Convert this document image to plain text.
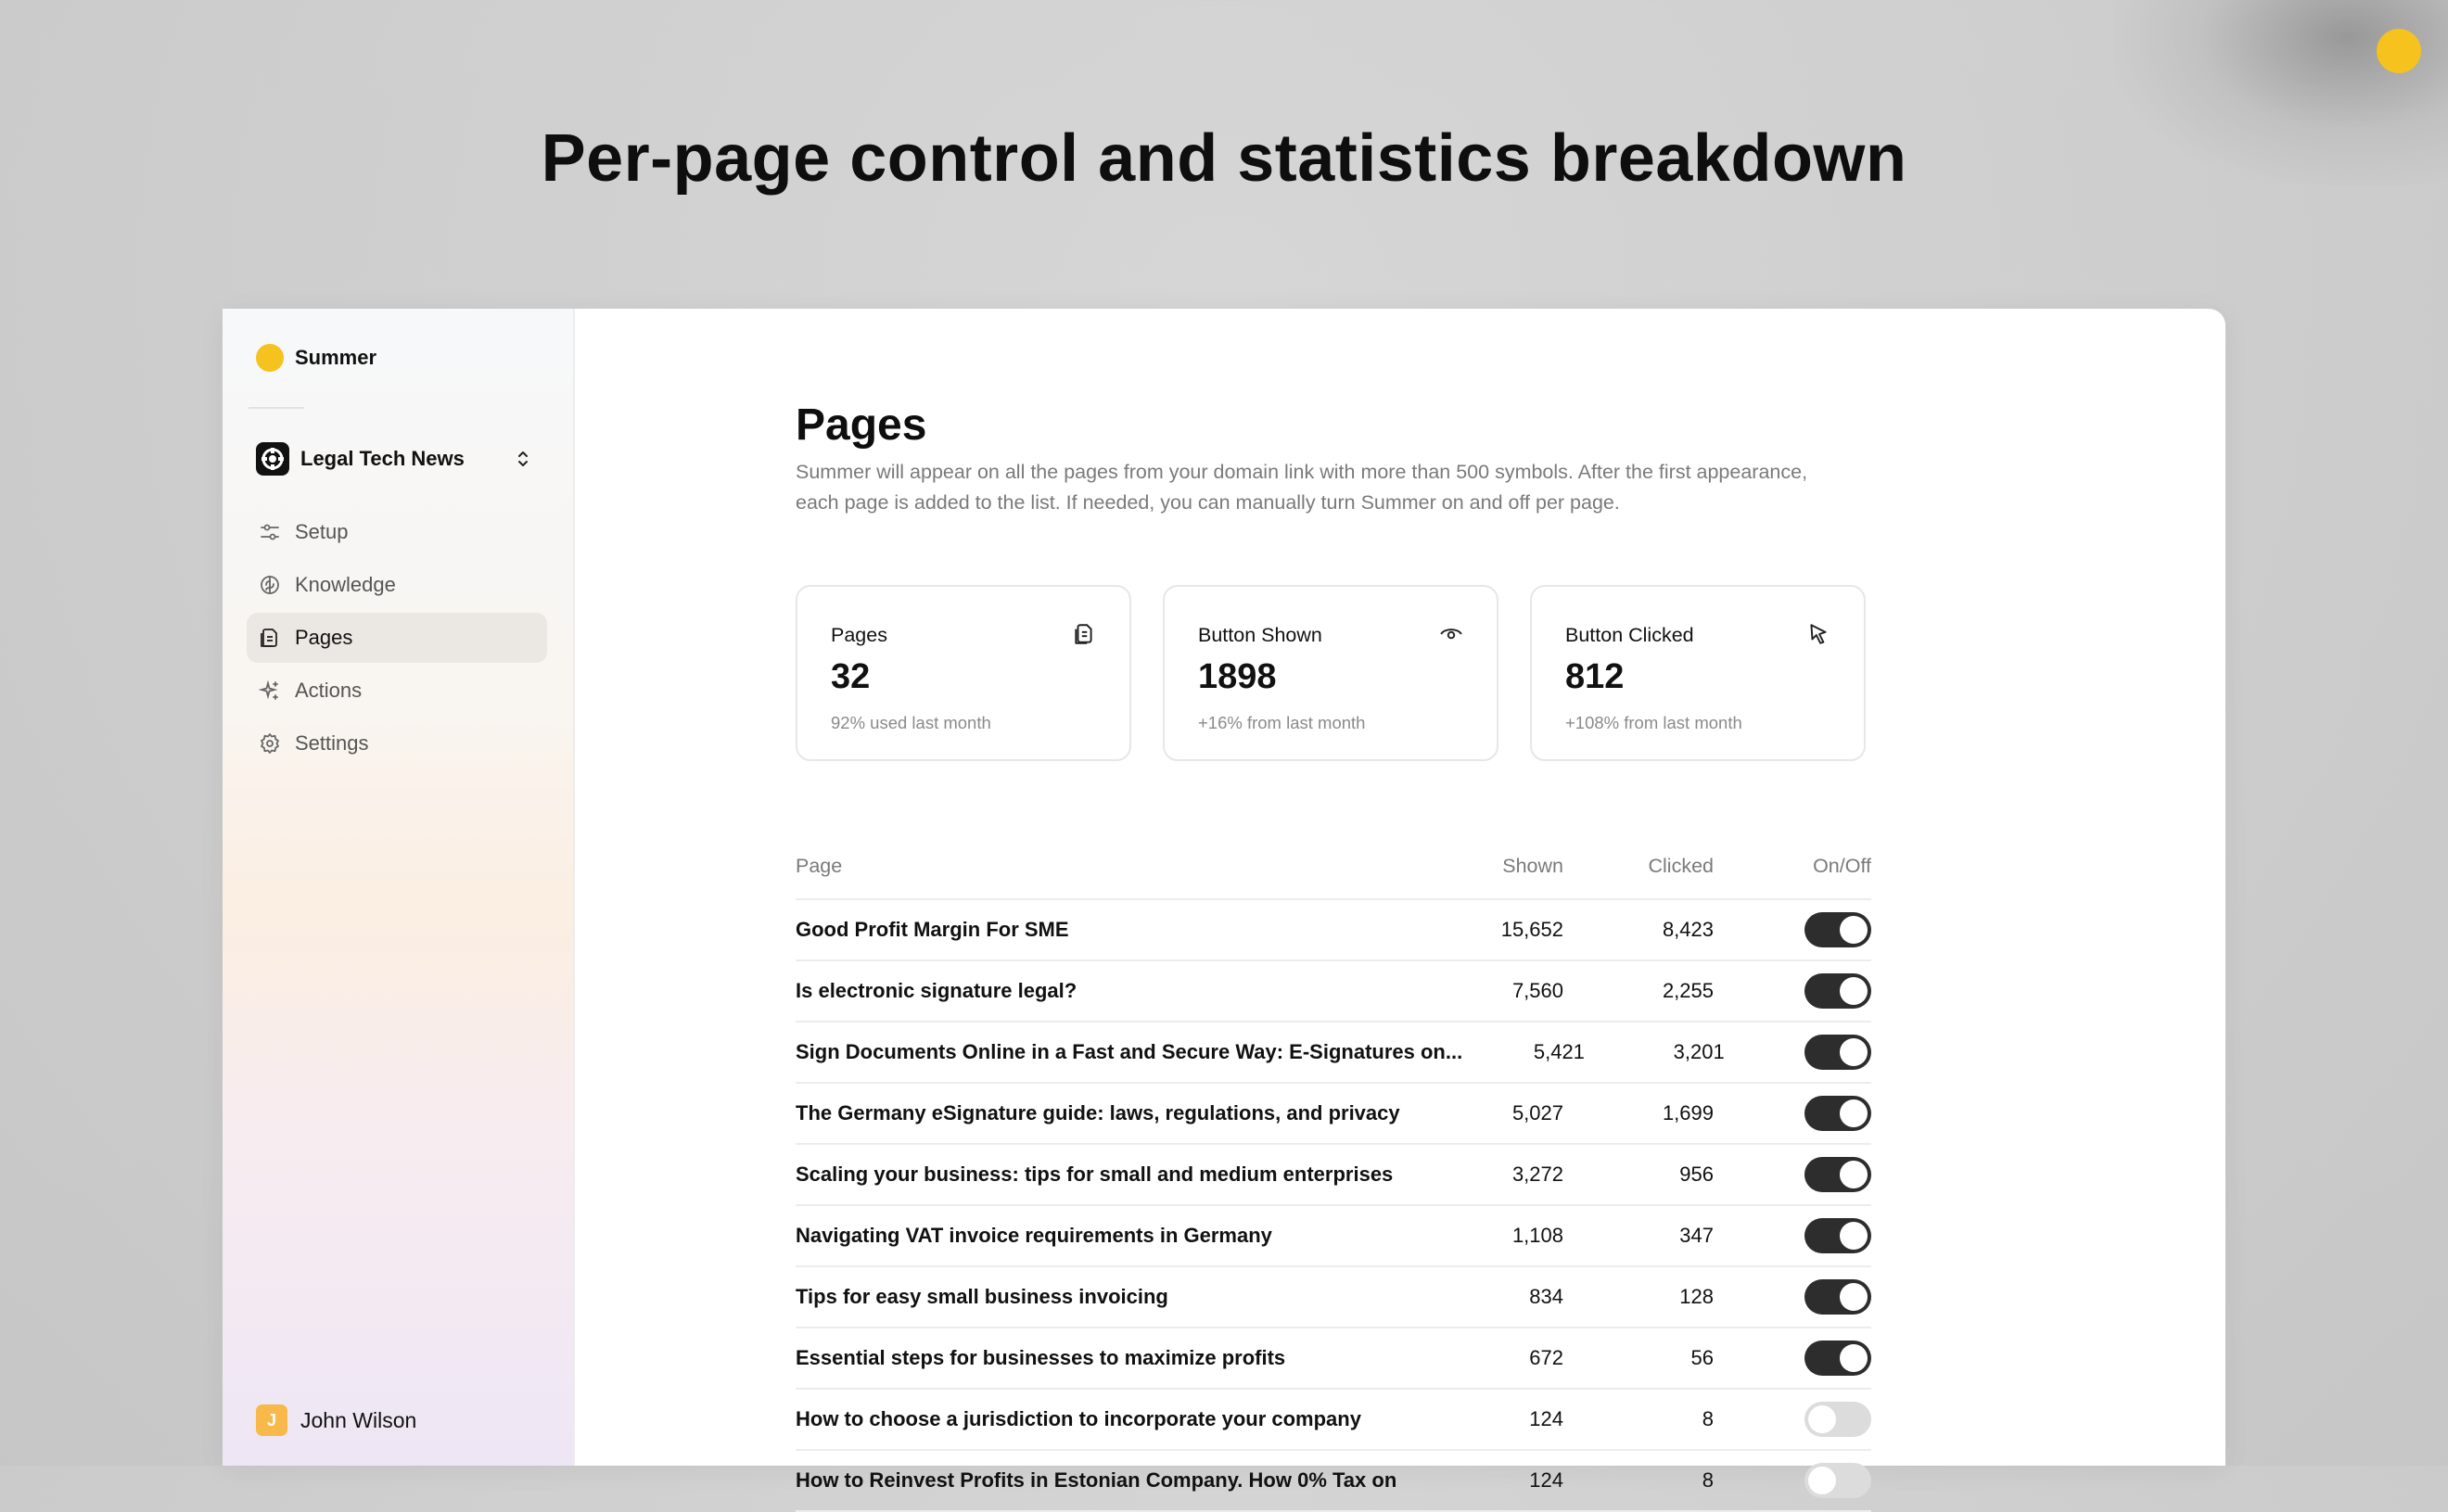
Per-page control and statistics breakdown
Summer
Legal Tech News
Setup
Knowledge
Pages
Actions
Settings
J	John Wilson
Pages

Summer will appear on all the pages from your domain link with more than 500 symbols. After the first appearance, each page is added to the list. If needed, you can manually turn Summer on and off per page.

Pages
32
92% used last month
Button Shown
1898
+16% from last month
Button Clicked
812
+108% from last month
Page	Shown	Clicked	On/Off
Good Profit Margin For SME	15,652	8,423
Is electronic signature legal?	7,560	2,255
Sign Documents Online in a Fast and Secure Way: E-Signatures on...	5,421	3,201
The Germany eSignature guide: laws, regulations, and privacy	5,027	1,699
Scaling your business: tips for small and medium enterprises	3,272	956
Navigating VAT invoice requirements in Germany	1,108	347
Tips for easy small business invoicing	834	128
Essential steps for businesses to maximize profits	672	56
How to choose a jurisdiction to incorporate your company	124	8
How to Reinvest Profits in Estonian Company. How 0% Tax on	124	8
